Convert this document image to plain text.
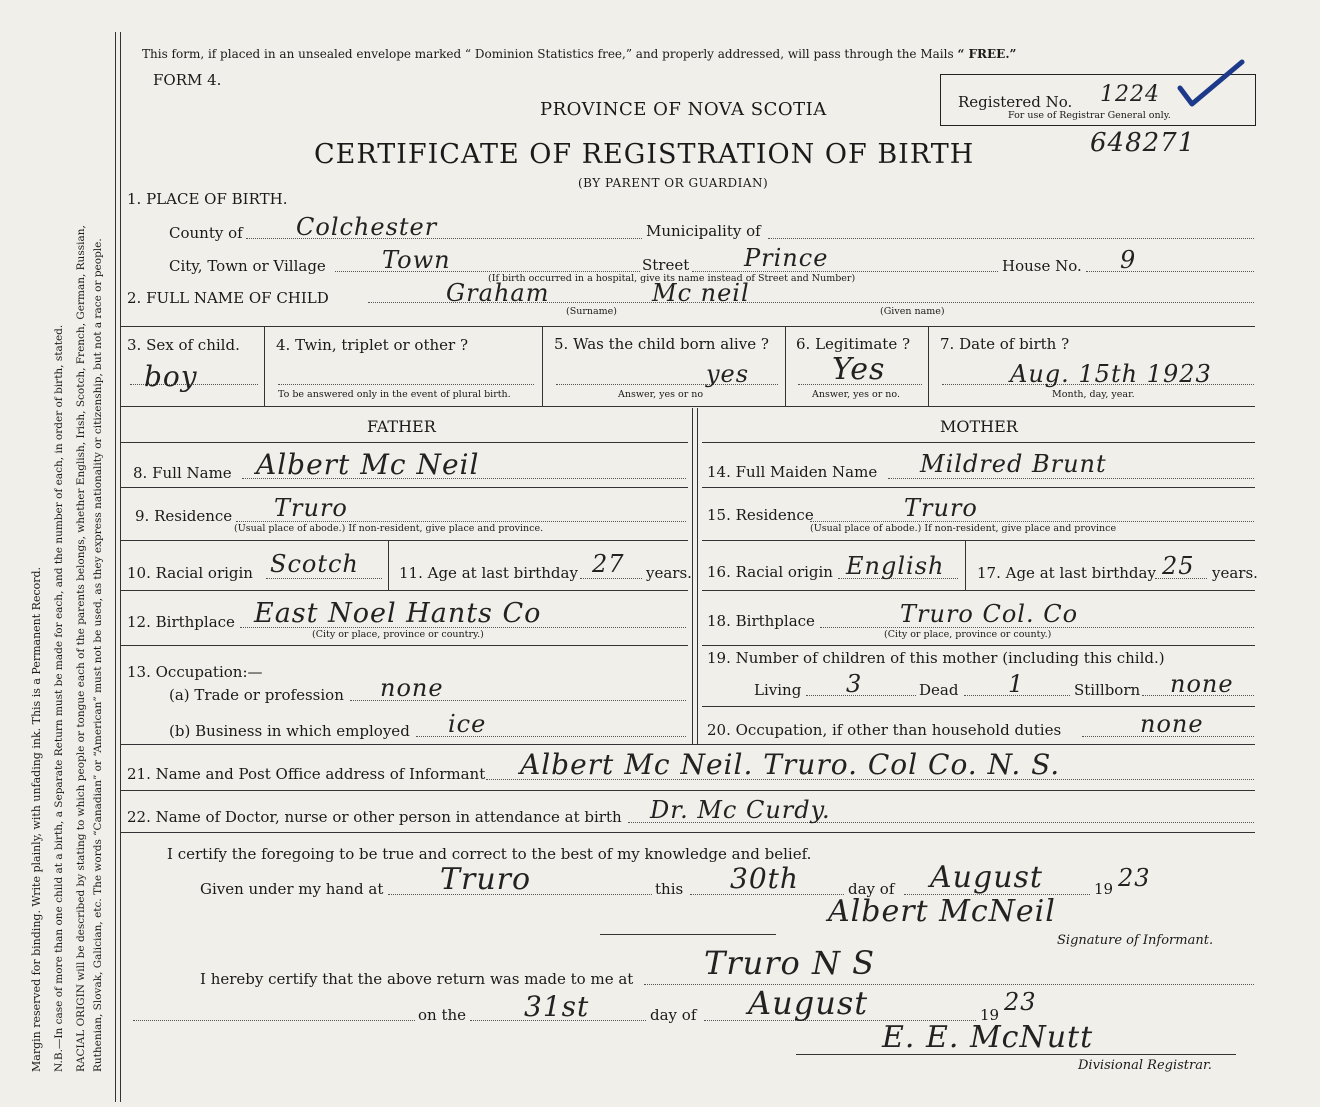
Margin reserved for binding. Write plainly, with unfading ink. This is a Permanent Record. N.B.—In case of more than one child at a birth, a Separate Return must be made for each, and the number of each, in order of birth, stated. RACIAL ORIGIN will be described by stating to which people or tongue each of the parents belongs, whether English, Irish, Scotch, French, German, Russian, Ruthenian, Slovak, Galician, etc. The words “Canadian” or “American” must not be used, as they express nationality or citizenship, but not a race or people.
This form, if placed in an unsealed envelope marked “ Dominion Statistics free,” and properly addressed, will pass through the Mails “ FREE.”
FORM 4.
PROVINCE OF NOVA SCOTIA
CERTIFICATE OF REGISTRATION OF BIRTH
(BY PARENT OR GUARDIAN)
Registered No. 1224
For use of Registrar General only.
648271
1. PLACE OF BIRTH.
County of Colchester	Municipality of
City, Town or Village Town	Street Prince	House No. 9
(If birth occurred in a hospital, give its name instead of Street and Number)
2. FULL NAME OF CHILD	Graham	Mc neil
(Surname)	(Given name)
3. Sex of child.
boy
4. Twin, triplet or other ?
To be answered only in the event of plural birth.
5. Was the child born alive ?
yes
Answer, yes or no
6. Legitimate ?
Yes
Answer, yes or no.
7. Date of birth ?
Aug. 15th 1923
Month, day, year.
FATHER	MOTHER
8. Full Name Albert Mc Neil	14. Full Maiden Name Mildred Brunt
9. Residence Truro
(Usual place of abode.) If non-resident, give place and province.
15. Residence	Truro
(Usual place of abode.) If non-resident, give place and province
10. Racial origin Scotch	11. Age at last birthday 27 years. 16. Racial origin English 17. Age at last birthday 25 years.
12. Birthplace East Noel Hants Co
(City or place, province or country.)
18. Birthplace	Truro Col. Co
(City or place, province or county.)
13. Occupation:—
(a) Trade or profession none
(b) Business in which employed ice
19. Number of children of this mother (including this child.)
Living 3	Dead 1	Stillborn none
20. Occupation, if other than household duties	none
21. Name and Post Office address of Informant Albert Mc Neil. Truro. Col Co. N. S.
22. Name of Doctor, nurse or other person in attendance at birth Dr. Mc Curdy.
I certify the foregoing to be true and correct to the best of my knowledge and belief.
Given under my hand at Truro	this 30th	day of August	19 23
Albert McNeil
Signature of Informant.
I hereby certify that the above return was made to me at Truro N S
on the 31st	day of August	19 23
E. E. McNutt
Divisional Registrar.
